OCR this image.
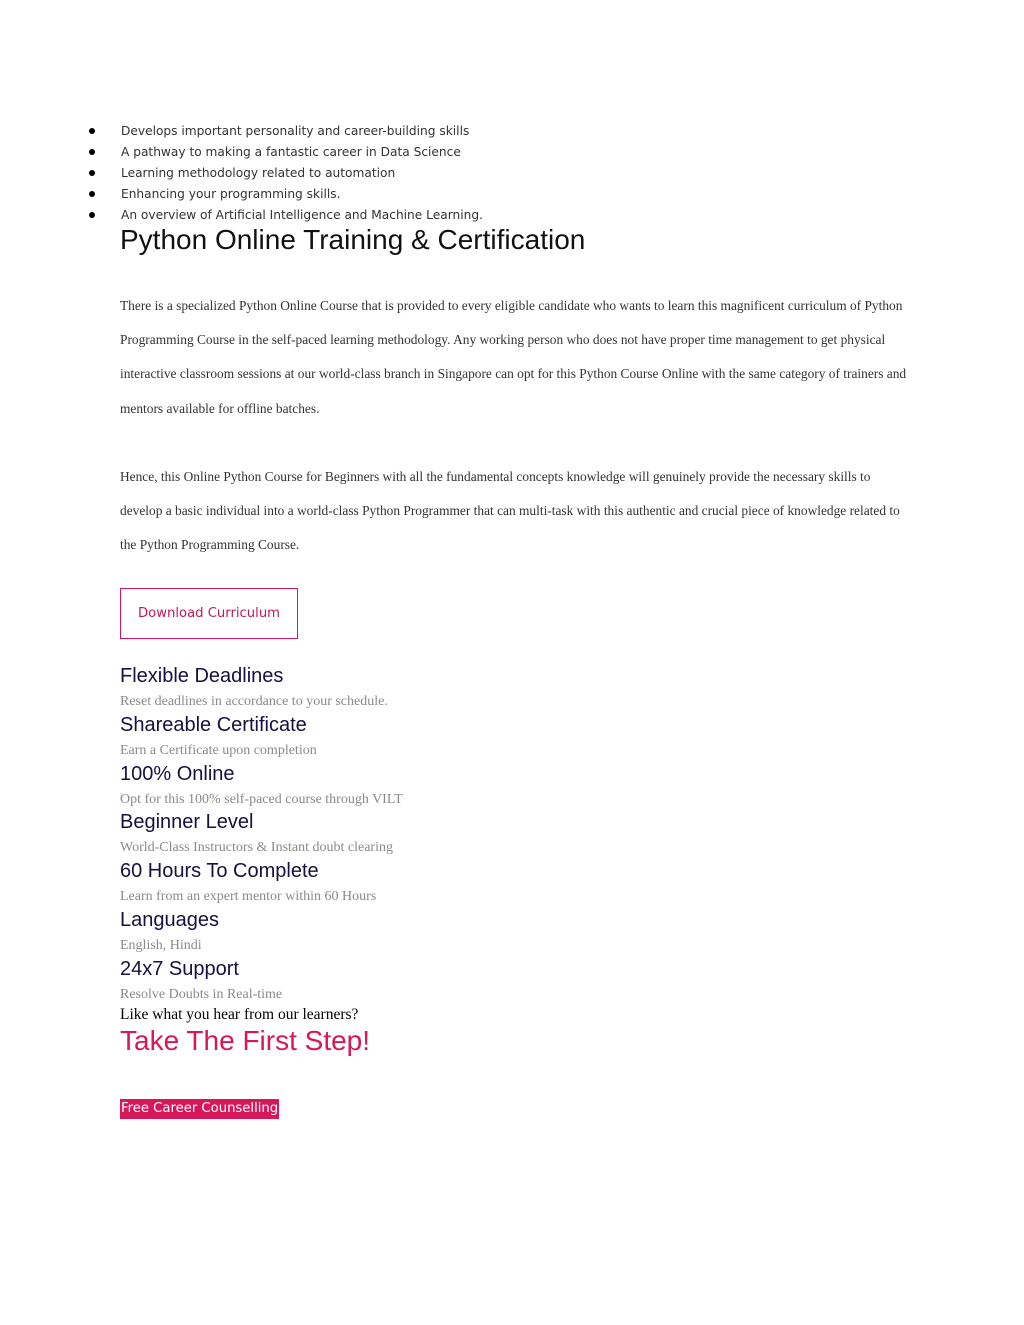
Develops important personality and career-building skills
A pathway to making a fantastic career in Data Science
Learning methodology related to automation
Enhancing your programming skills.
An overview of Artificial Intelligence and Machine Learning.
Python Online Training & Certification

There is a specialized Python Online Course that is provided to every eligible candidate who wants to learn this magnificent curriculum of Python Programming Course in the self-paced learning methodology. Any working person who does not have proper time management to get physical interactive classroom sessions at our world-class branch in Singapore can opt for this Python Course Online with the same category of trainers and mentors available for offline batches.

Hence, this Online Python Course for Beginners with all the fundamental concepts knowledge will genuinely provide the necessary skills to develop a basic individual into a world-class Python Programmer that can multi-task with this authentic and crucial piece of knowledge related to the Python Programming Course.

Download Curriculum
Flexible Deadlines
Reset deadlines in accordance to your schedule.
Shareable Certificate
Earn a Certificate upon completion
100% Online
Opt for this 100% self-paced course through VILT
Beginner Level
World-Class Instructors & Instant doubt clearing
60 Hours To Complete
Learn from an expert mentor within 60 Hours
Languages
English, Hindi
24x7 Support
Resolve Doubts in Real-time
Like what you hear from our learners?
Take The First Step!
Free Career Counselling
